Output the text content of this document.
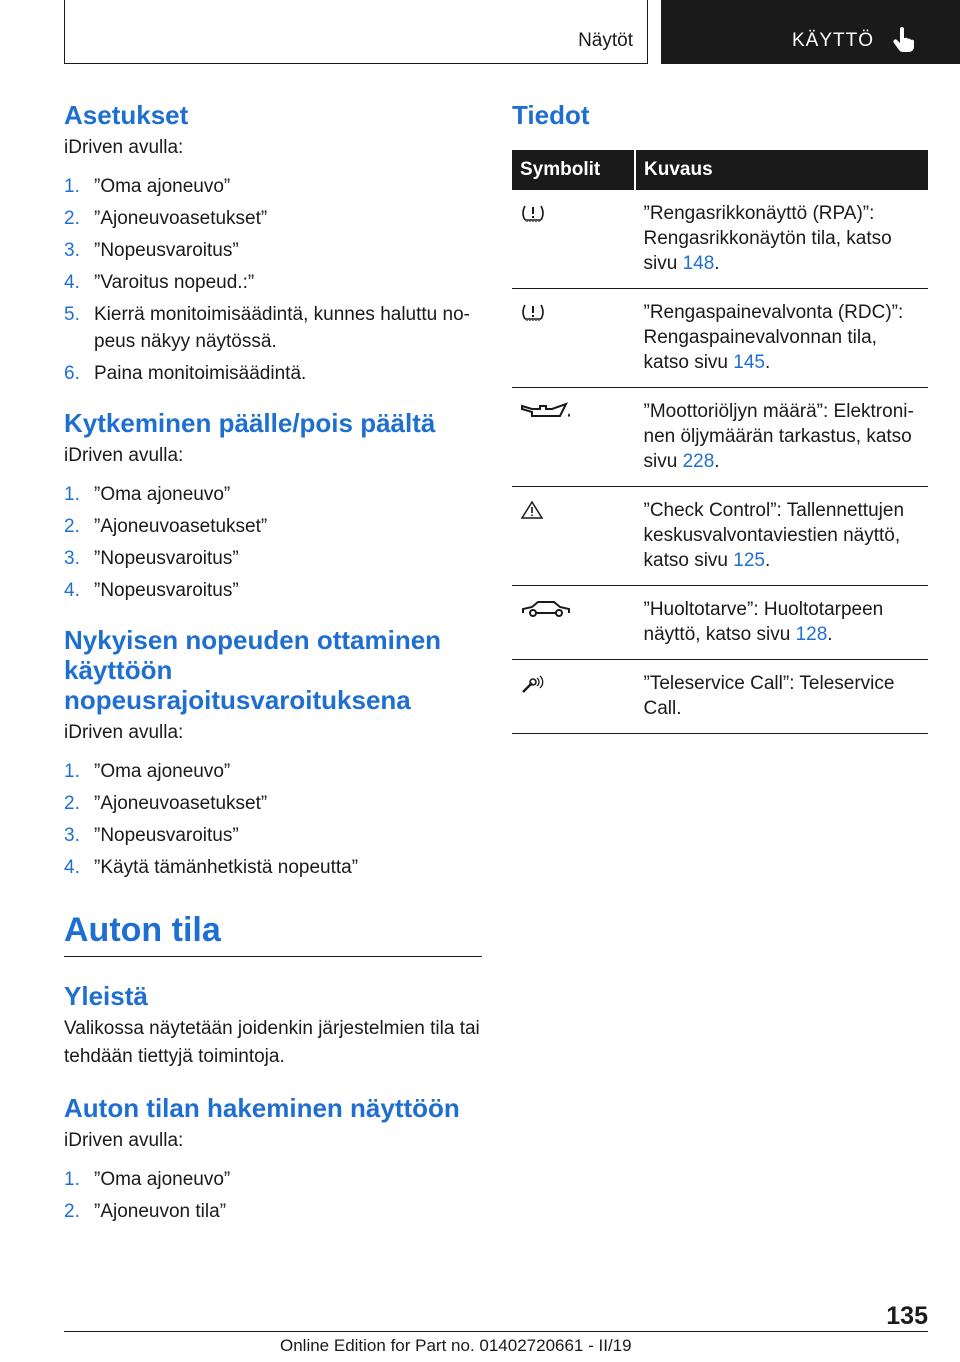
Näytöt	KÄYTTÖ
Asetukset
iDriven avulla:
1. ”Oma ajoneuvo”
2. ”Ajoneuvoasetukset”
3. ”Nopeusvaroitus”
4. ”Varoitus nopeud.:”
5. Kierrä monitoimisäädintä, kunnes haluttu no-
peus näkyy näytössä.
6. Paina monitoimisäädintä.
Kytkeminen päälle/pois päältä
iDriven avulla:
1. ”Oma ajoneuvo”
2. ”Ajoneuvoasetukset”
3. ”Nopeusvaroitus”
4. ”Nopeusvaroitus”
Nykyisen nopeuden ottaminen
käyttöön
nopeusrajoitusvaroituksena
iDriven avulla:
1. ”Oma ajoneuvo”
2. ”Ajoneuvoasetukset”
3. ”Nopeusvaroitus”
4. ”Käytä tämänhetkistä nopeutta”
Auton tila
Yleistä
Valikossa näytetään joidenkin järjestelmien tila tai
tehdään tiettyjä toimintoja.
Auton tilan hakeminen näyttöön
iDriven avulla:
1. ”Oma ajoneuvo”
2. ”Ajoneuvon tila”
Tiedot
Symbolit	Kuvaus
	”Rengasrikkonäyttö (RPA)”:
Rengasrikkonäytön tila, katso
sivu 148.
	”Rengaspainevalvonta (RDC)”:
Rengaspainevalvonnan tila,
katso sivu 145.
	”Moottoriöljyn määrä”: Elektroni-
nen öljymäärän tarkastus, katso
sivu 228.
	”Check Control”: Tallennettujen
keskusvalvontaviestien näyttö,
katso sivu 125.
	”Huoltotarve”: Huoltotarpeen
näyttö, katso sivu 128.
	”Teleservice Call”: Teleservice
Call.
135
Online Edition for Part no. 01402720661 - II/19
